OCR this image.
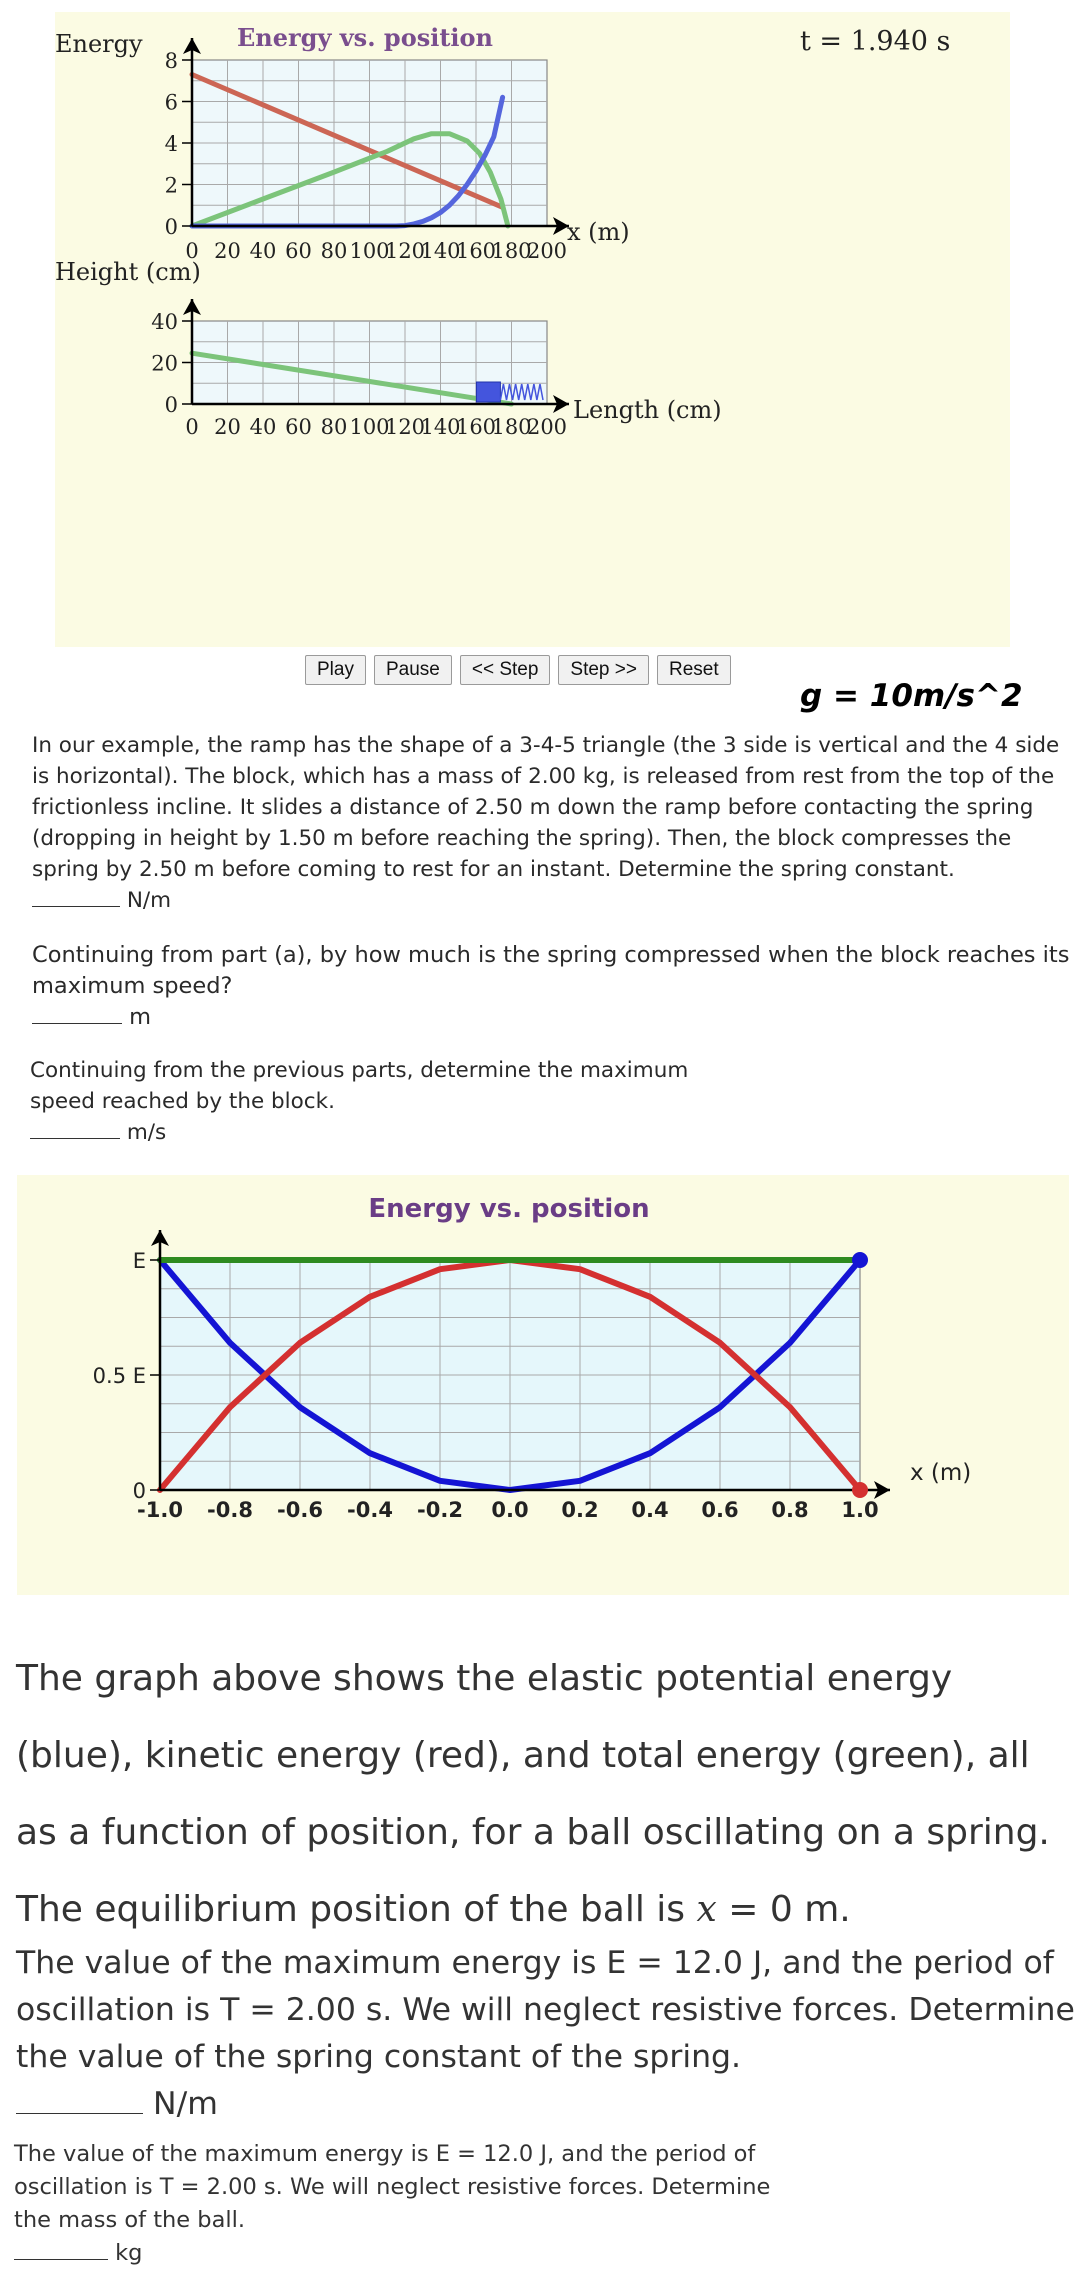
0 20 40 60 80 100
120
140
160
180
200
0
2
4
6
8
x (m)
Energy	Energy vs. position
0 20 40 60 80 100
120
140
160
180
200
0
20
40
Length (cm)
Height (cm)
t = 1.940 s
Play	Pause	<< Step	Step >>	Reset
g = 10m/s^2
In our example, the ramp has the shape of a 3-4-5 triangle (the 3 side is vertical and the 4 side is horizontal). The block, which has a mass of 2.00 kg, is released from rest from the top of the frictionless incline. It slides a distance of 2.50 m down the ramp before contacting the spring (dropping in height by 1.50 m before reaching the spring). Then, the block compresses the spring by 2.50 m before coming to rest for an instant. Determine the spring constant.
N/m
Continuing from part (a), by how much is the spring compressed when the block reaches its maximum speed?
m
Continuing from the previous parts, determine the maximum speed reached by the block.
m/s
-1.0 -0.8 -0.6 -0.4 -0.2 0.0 0.2 0.4 0.6 0.8 1.0
0
0.5 E
E
x (m)
Energy vs. position
The graph above shows the elastic potential energy (blue), kinetic energy (red), and total energy (green), all as a function of position, for a ball oscillating on a spring. The equilibrium position of the ball is x = 0 m.
The value of the maximum energy is E = 12.0 J, and the period of oscillation is T = 2.00 s. We will neglect resistive forces. Determine the value of the spring constant of the spring.
N/m
The value of the maximum energy is E = 12.0 J, and the period of oscillation is T = 2.00 s. We will neglect resistive forces. Determine the mass of the ball.
kg
